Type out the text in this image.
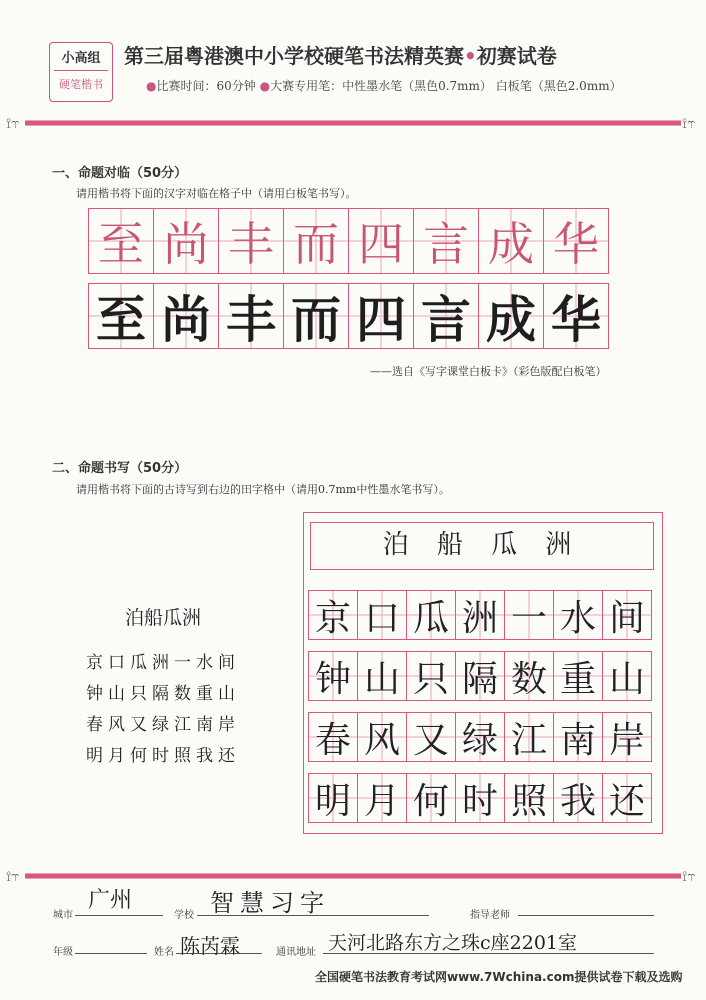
小高组
硬笔楷书
第三届粤港澳中小学校硬笔书法精英赛•初赛试卷
●比赛时间：60分钟 ●大赛专用笔：中性墨水笔（黑色0.7mm） 白板笔（黑色2.0mm）
⟟⥾	⟟⥾
一、命题对临（50分）
请用楷书将下面的汉字对临在格子中（请用白板笔书写）。
至 尚 丰 而 四 言 成 华
至 尚 丰 而 四 言 成 华
——选自《写字课堂白板卡》（彩色版配白板笔）
二、命题书写（50分）
请用楷书将下面的古诗写到右边的田字格中（请用0.7mm中性墨水笔书写）。
泊船瓜洲
京口瓜洲一水间
钟山只隔数重山
春风又绿江南岸
明月何时照我还
泊 船 瓜 洲
京 口 瓜 洲 一 水 间
钟 山 只 隔 数 重 山
春 风 又 绿 江 南 岸
明 月 何 时 照 我 还
⟟⥾	⟟⥾
城市
广州
学校 智慧习字	指导老师
年级	姓名 陈芮霖	通讯地址 天河北路东方之珠c座2201室
全国硬笔书法教育考试网www.7Wchina.com提供试卷下载及选购
